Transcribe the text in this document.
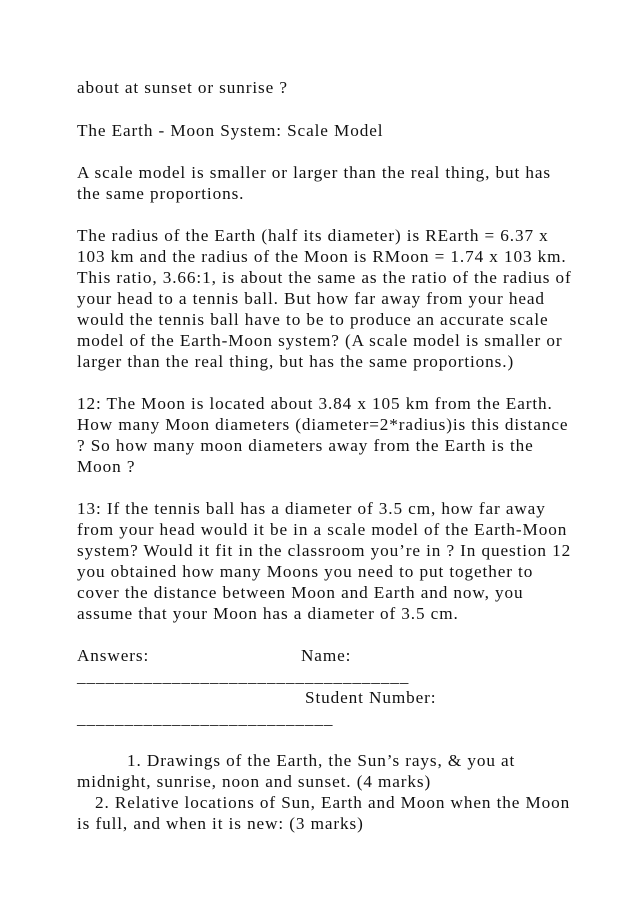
about at sunset or sunrise ?

The Earth - Moon System: Scale Model

A scale model is smaller or larger than the real thing, but has

the same proportions.

The radius of the Earth (half its diameter) is REarth = 6.37 x

103 km and the radius of the Moon is RMoon = 1.74 x 103 km.

This ratio, 3.66:1, is about the same as the ratio of the radius of

your head to a tennis ball. But how far away from your head

would the tennis ball have to be to produce an accurate scale

model of the Earth-Moon system? (A scale model is smaller or

larger than the real thing, but has the same proportions.)

12: The Moon is located about 3.84 x 105 km from the Earth.

How many Moon diameters (diameter=2*radius)is this distance

? So how many moon diameters away from the Earth is the

Moon ?

13: If the tennis ball has a diameter of 3.5 cm, how far away

from your head would it be in a scale model of the Earth-Moon

system? Would it fit in the classroom you’re in ? In question 12

you obtained how many Moons you need to put together to

cover the distance between Moon and Earth and now, you

assume that your Moon has a diameter of 3.5 cm.

Answers:	Name:

___________________________________

Student Number:

___________________________

1. Drawings of the Earth, the Sun’s rays, & you at

midnight, sunrise, noon and sunset. (4 marks)

2. Relative locations of Sun, Earth and Moon when the Moon

is full, and when it is new: (3 marks)
